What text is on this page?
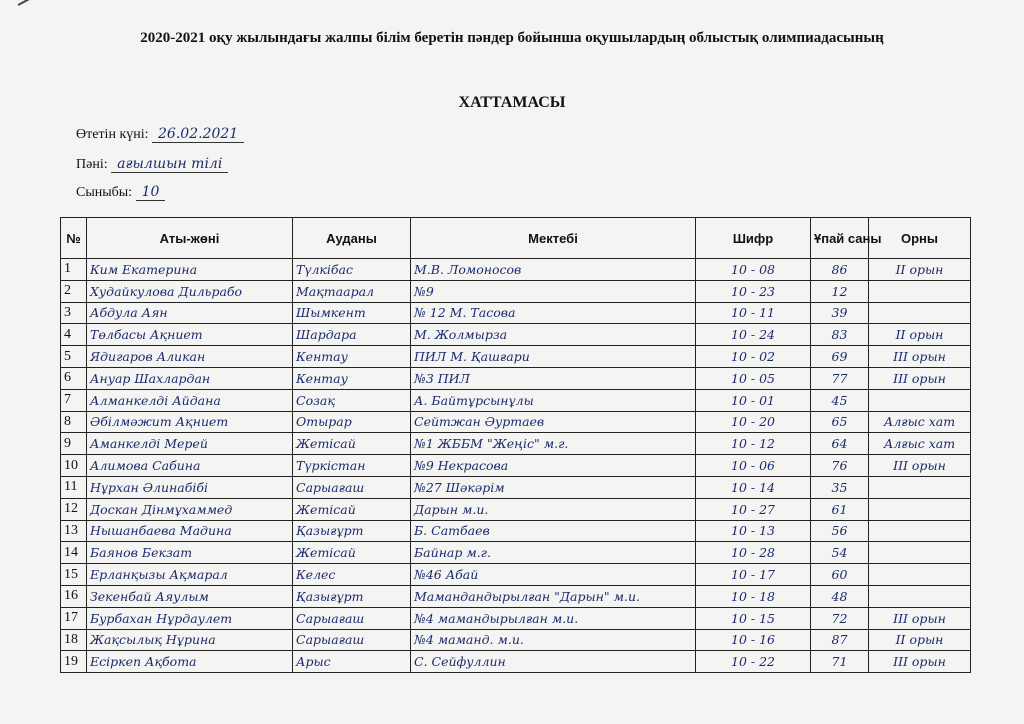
2020-2021 оқу жылындағы жалпы білім беретін пәндер бойынша оқушылардың облыстық олимпиадасының
ХАТТАМАСЫ
Өтетін күні: 26.02.2021
Пәні: ағылшын тілі
Сыныбы: 10
№	Аты-жөні	Ауданы	Мектебі	Шифр	Ұпай саны	Орны
1	Ким Екатерина	Түлкібас	М.В. Ломоносов	10 - 08	86	II орын
2	Худайкулова Дильрабо	Мақтаарал	№9	10 - 23	12	
3	Абдула Аян	Шымкент	№ 12 М. Тасова	10 - 11	39	
4	Төлбасы Ақниет	Шардара	М. Жолмырза	10 - 24	83	II орын
5	Ядигаров Аликан	Кентау	ПИЛ М. Қашғари	10 - 02	69	III орын
6	Ануар Шахлардан	Кентау	№3 ПИЛ	10 - 05	77	III орын
7	Алманкелді Айдана	Созақ	А. Байтұрсынұлы	10 - 01	45	
8	Әбілмәжит Ақниет	Отырар	Сейтжан Әуртаев	10 - 20	65	Алғыс хат
9	Аманкелді Мерей	Жетісай	№1 ЖББМ "Жеңіс" м.г.	10 - 12	64	Алғыс хат
10	Алимова Сабина	Түркістан	№9 Некрасова	10 - 06	76	III орын
11	Нұрхан Әлинабібі	Сарыағаш	№27 Шәкәрім	10 - 14	35	
12	Доскан Дінмұхаммед	Жетісай	Дарын м.и.	10 - 27	61	
13	Нышанбаева Мадина	Қазығұрт	Б. Сатбаев	10 - 13	56	
14	Баянов Бекзат	Жетісай	Байнар м.г.	10 - 28	54	
15	Ерланқызы Ақмарал	Келес	№46 Абай	10 - 17	60	
16	Зекенбай Аяулым	Қазығұрт	Мамандандырылған "Дарын" м.и.	10 - 18	48	
17	Бурбахан Нұрдаулет	Сарыағаш	№4 мамандырылған м.и.	10 - 15	72	III орын
18	Жақсылық Нұрина	Сарыағаш	№4 маманд. м.и.	10 - 16	87	II орын
19	Есіркеп Ақбота	Арыс	С. Сейфуллин	10 - 22	71	III орын
